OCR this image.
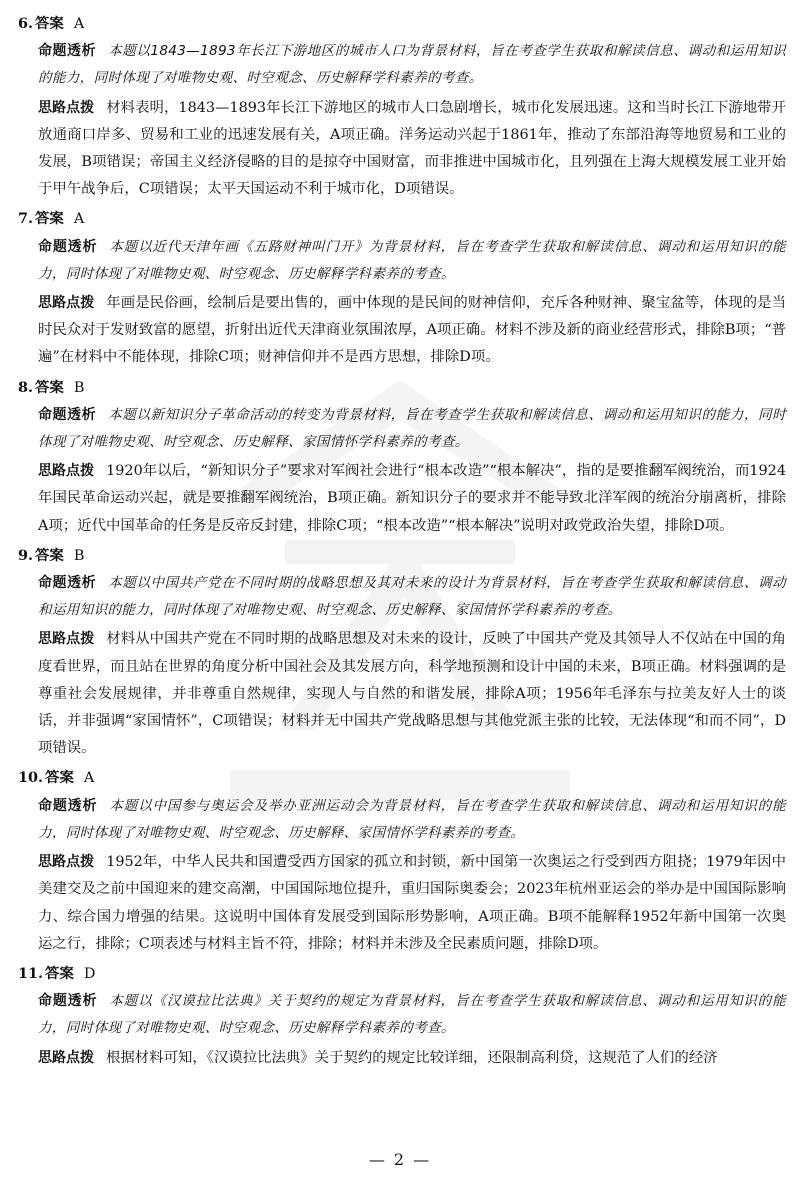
6. 答案 A

命题透析 本题以1843—1893年长江下游地区的城市人口为背景材料，旨在考查学生获取和解读信息、调动和运用知识的能力，同时体现了对唯物史观、时空观念、历史解释学科素养的考查。

思路点拨 材料表明，1843—1893年长江下游地区的城市人口急剧增长，城市化发展迅速。这和当时长江下游地带开放通商口岸多、贸易和工业的迅速发展有关，A项正确。洋务运动兴起于1861年，推动了东部沿海等地贸易和工业的发展，B项错误；帝国主义经济侵略的目的是掠夺中国财富，而非推进中国城市化，且列强在上海大规模发展工业开始于甲午战争后，C项错误；太平天国运动不利于城市化，D项错误。

7. 答案 A

命题透析 本题以近代天津年画《五路财神叫门开》为背景材料，旨在考查学生获取和解读信息、调动和运用知识的能力，同时体现了对唯物史观、时空观念、历史解释学科素养的考查。

思路点拨 年画是民俗画，绘制后是要出售的，画中体现的是民间的财神信仰，充斥各种财神、聚宝盆等，体现的是当时民众对于发财致富的愿望，折射出近代天津商业氛围浓厚，A项正确。材料不涉及新的商业经营形式，排除B项；“普遍”在材料中不能体现，排除C项；财神信仰并不是西方思想，排除D项。

8. 答案 B

命题透析 本题以新知识分子革命活动的转变为背景材料，旨在考查学生获取和解读信息、调动和运用知识的能力，同时体现了对唯物史观、时空观念、历史解释、家国情怀学科素养的考查。

思路点拨 1920年以后，“新知识分子”要求对军阀社会进行“根本改造”“根本解决”，指的是要推翻军阀统治，而1924年国民革命运动兴起，就是要推翻军阀统治，B项正确。新知识分子的要求并不能导致北洋军阀的统治分崩离析，排除A项；近代中国革命的任务是反帝反封建，排除C项；“根本改造”“根本解决”说明对政党政治失望，排除D项。

9. 答案 B

命题透析 本题以中国共产党在不同时期的战略思想及其对未来的设计为背景材料，旨在考查学生获取和解读信息、调动和运用知识的能力，同时体现了对唯物史观、时空观念、历史解释、家国情怀学科素养的考查。

思路点拨 材料从中国共产党在不同时期的战略思想及对未来的设计，反映了中国共产党及其领导人不仅站在中国的角度看世界，而且站在世界的角度分析中国社会及其发展方向，科学地预测和设计中国的未来，B项正确。材料强调的是尊重社会发展规律，并非尊重自然规律，实现人与自然的和谐发展，排除A项；1956年毛泽东与拉美友好人士的谈话，并非强调“家国情怀”，C项错误；材料并无中国共产党战略思想与其他党派主张的比较，无法体现“和而不同”，D项错误。

10. 答案 A

命题透析 本题以中国参与奥运会及举办亚洲运动会为背景材料，旨在考查学生获取和解读信息、调动和运用知识的能力，同时体现了对唯物史观、时空观念、历史解释、家国情怀学科素养的考查。

思路点拨 1952年，中华人民共和国遭受西方国家的孤立和封锁，新中国第一次奥运之行受到西方阻挠；1979年因中美建交及之前中国迎来的建交高潮，中国国际地位提升，重归国际奥委会；2023年杭州亚运会的举办是中国国际影响力、综合国力增强的结果。这说明中国体育发展受到国际形势影响，A项正确。B项不能解释1952年新中国第一次奥运之行，排除；C项表述与材料主旨不符，排除；材料并未涉及全民素质问题，排除D项。

11. 答案 D

命题透析 本题以《汉谟拉比法典》关于契约的规定为背景材料，旨在考查学生获取和解读信息、调动和运用知识的能力，同时体现了对唯物史观、时空观念、历史解释学科素养的考查。

思路点拨 根据材料可知，《汉谟拉比法典》关于契约的规定比较详细，还限制高利贷，这规范了人们的经济

— 2 —
